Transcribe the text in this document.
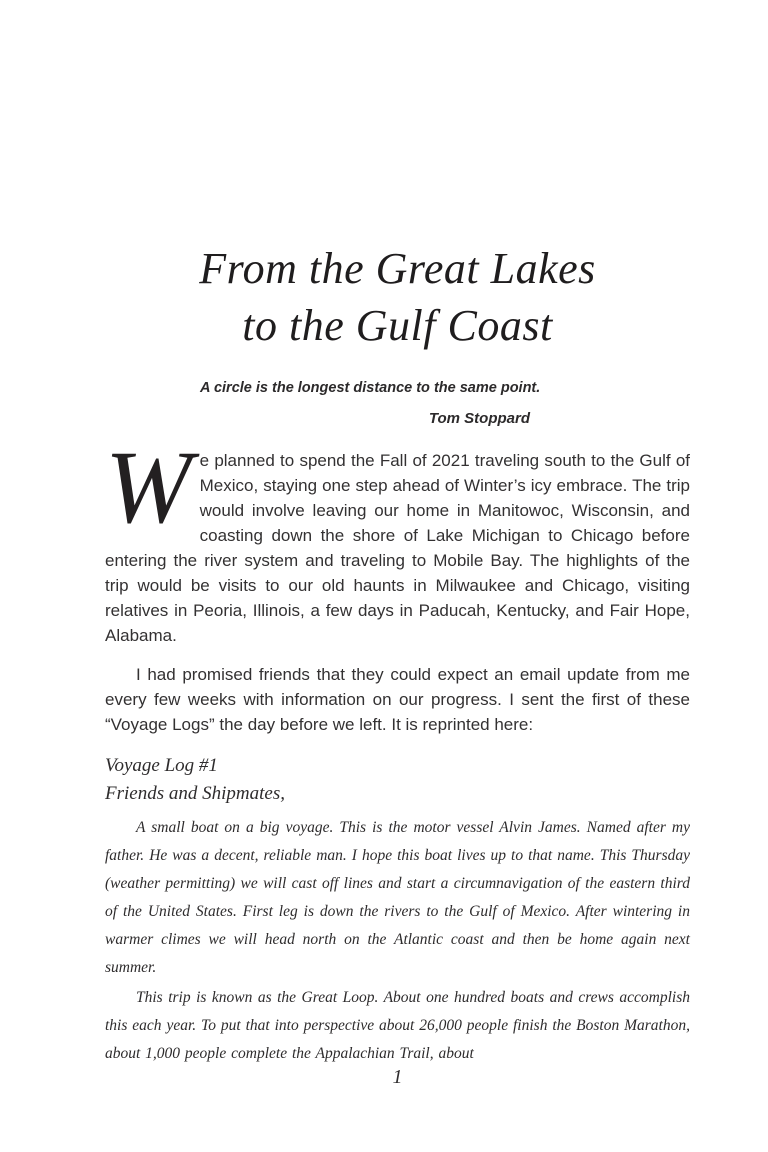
From the Great Lakes
to the Gulf Coast
A circle is the longest distance to the same point.
Tom Stoppard

We planned to spend the Fall of 2021 traveling south to the Gulf of Mexico, staying one step ahead of Winter’s icy embrace. The trip would involve leaving our home in Manitowoc, Wisconsin, and coasting down the shore of Lake Michigan to Chicago before entering the river system and traveling to Mobile Bay. The highlights of the trip would be visits to our old haunts in Milwaukee and Chicago, visiting relatives in Peoria, Illinois, a few days in Paducah, Kentucky, and Fair Hope, Alabama.

I had promised friends that they could expect an email update from me every few weeks with information on our progress. I sent the first of these “Voyage Logs” the day before we left. It is reprinted here:

Voyage Log #1
Friends and Shipmates,

A small boat on a big voyage. This is the motor vessel Alvin James. Named after my father. He was a decent, reliable man. I hope this boat lives up to that name. This Thursday (weather permitting) we will cast off lines and start a circumnavigation of the eastern third of the United States. First leg is down the rivers to the Gulf of Mexico. After wintering in warmer climes we will head north on the Atlantic coast and then be home again next summer.

This trip is known as the Great Loop. About one hundred boats and crews accomplish this each year. To put that into perspective about 26,000 people finish the Boston Marathon, about 1,000 people complete the Appalachian Trail, about

1
